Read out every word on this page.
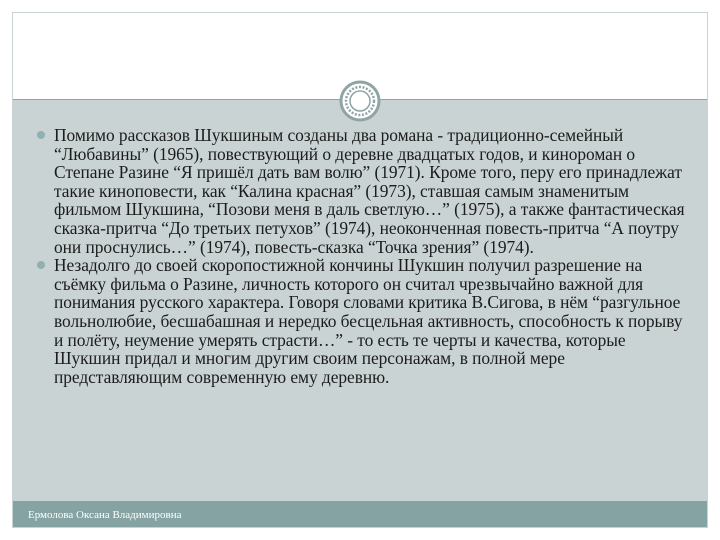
Помимо рассказов Шукшиным созданы два романа - традиционно-семейный “Любавины” (1965), повествующий о деревне двадцатых годов, и кинороман о Степане Разине “Я пришёл дать вам волю” (1971). Кроме того, перу его принадлежат такие киноповести, как “Калина красная” (1973), ставшая самым знаменитым фильмом Шукшина, “Позови меня в даль светлую…” (1975), а также фантастическая сказка-притча “До третьих петухов” (1974), неоконченная повесть-притча “А поутру они проснулись…” (1974), повесть-сказка “Точка зрения” (1974).

Незадолго до своей скоропостижной кончины Шукшин получил разрешение на съёмку фильма о Разине, личность которого он считал чрезвычайно важной для понимания русского характера. Говоря словами критика В.Сигова, в нём “разгульное вольнолюбие, бесшабашная и нередко бесцельная активность, способность к порыву и полёту, неумение умерять страсти…” - то есть те черты и качества, которые Шукшин придал и многим другим своим персонажам, в полной мере представляющим современную ему деревню.

Ермолова Оксана Владимировна
